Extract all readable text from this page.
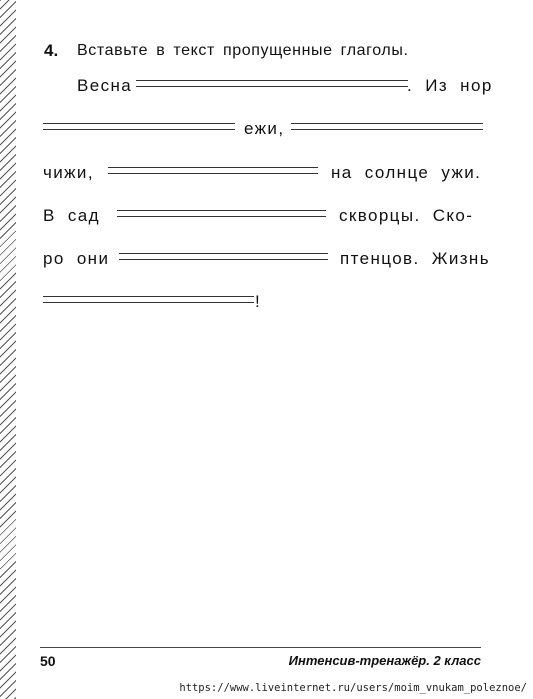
4. Вставьте в текст пропущенные глаголы.
Весна	. Из нор
ежи,
чижи,	на солнце ужи.
В сад	скворцы. Ско-
ро они	птенцов. Жизнь
!
50	Интенсив-тренажёр. 2 класс
https://www.liveinternet.ru/users/moim_vnukam_poleznoe/
